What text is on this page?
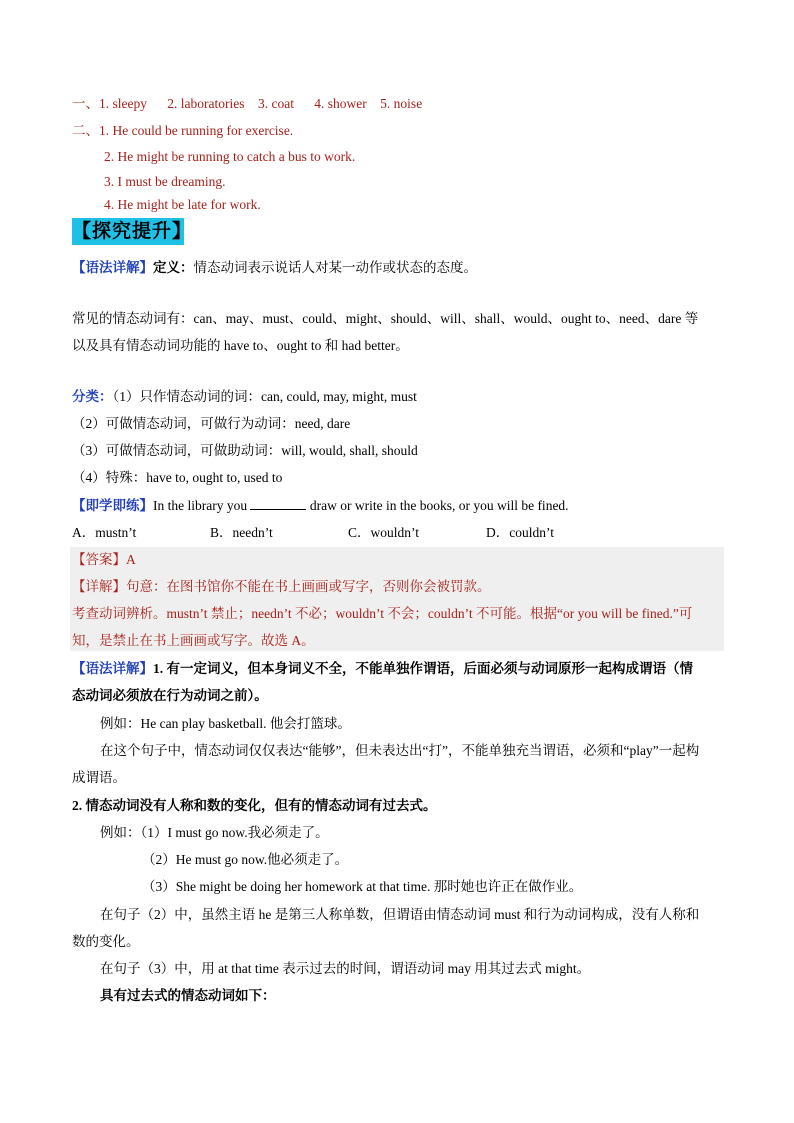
一、1. sleepy      2. laboratories    3. coat      4. shower    5. noise
二、1. He could be running for exercise.
2. He might be running to catch a bus to work.
3. I must be dreaming.
4. He might be late for work.
【探究提升】
【语法详解】定义：情态动词表示说话人对某一动作或状态的态度。
常见的情态动词有：can、may、must、could、might、should、will、shall、would、ought to、need、dare 等
以及具有情态动词功能的 have to、ought to 和 had better。
分类：（1）只作情态动词的词：can, could, may, might, must
（2）可做情态动词，可做行为动词：need, dare
（3）可做情态动词，可做助动词：will, would, shall, should
（4）特殊：have to, ought to, used to
【即学即练】In the library you	draw or write in the books, or you will be fined.
A．mustn’t	B．needn’t	C．wouldn’t	D．couldn’t
【答案】A
【详解】句意：在图书馆你不能在书上画画或写字，否则你会被罚款。
考查动词辨析。mustn’t 禁止；needn’t 不必；wouldn’t 不会；couldn’t 不可能。根据“or you will be fined.”可
知，是禁止在书上画画或写字。故选 A。
【语法详解】1. 有一定词义，但本身词义不全，不能单独作谓语，后面必须与动词原形一起构成谓语（情
态动词必须放在行为动词之前）。
例如：He can play basketball. 他会打篮球。
在这个句子中，情态动词仅仅表达“能够”，但未表达出“打”，不能单独充当谓语，必须和“play”一起构
成谓语。
2. 情态动词没有人称和数的变化，但有的情态动词有过去式。
例如：（1）I must go now.我必须走了。
（2）He must go now.他必须走了。
（3）She might be doing her homework at that time. 那时她也许正在做作业。
在句子（2）中，虽然主语 he 是第三人称单数，但谓语由情态动词 must 和行为动词构成，没有人称和
数的变化。
在句子（3）中，用 at that time 表示过去的时间，谓语动词 may 用其过去式 might。
具有过去式的情态动词如下：
